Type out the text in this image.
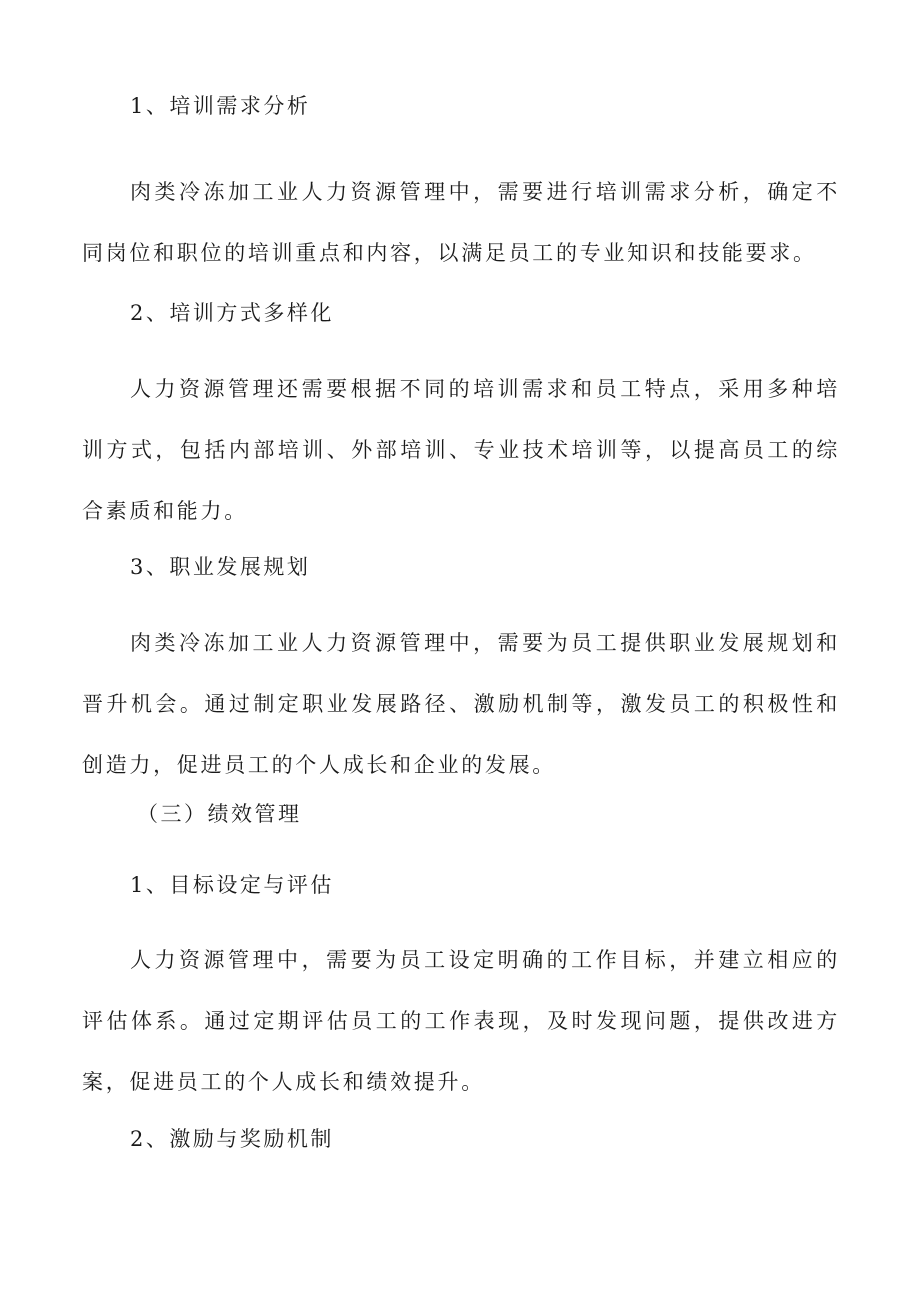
1、培训需求分析

肉类冷冻加工业人力资源管理中，需要进行培训需求分析，确定不同岗位和职位的培训重点和内容，以满足员工的专业知识和技能要求。

2、培训方式多样化

人力资源管理还需要根据不同的培训需求和员工特点，采用多种培训方式，包括内部培训、外部培训、专业技术培训等，以提高员工的综合素质和能力。

3、职业发展规划

肉类冷冻加工业人力资源管理中，需要为员工提供职业发展规划和晋升机会。通过制定职业发展路径、激励机制等，激发员工的积极性和创造力，促进员工的个人成长和企业的发展。

（三）绩效管理
1、目标设定与评估

人力资源管理中，需要为员工设定明确的工作目标，并建立相应的评估体系。通过定期评估员工的工作表现，及时发现问题，提供改进方案，促进员工的个人成长和绩效提升。

2、激励与奖励机制
